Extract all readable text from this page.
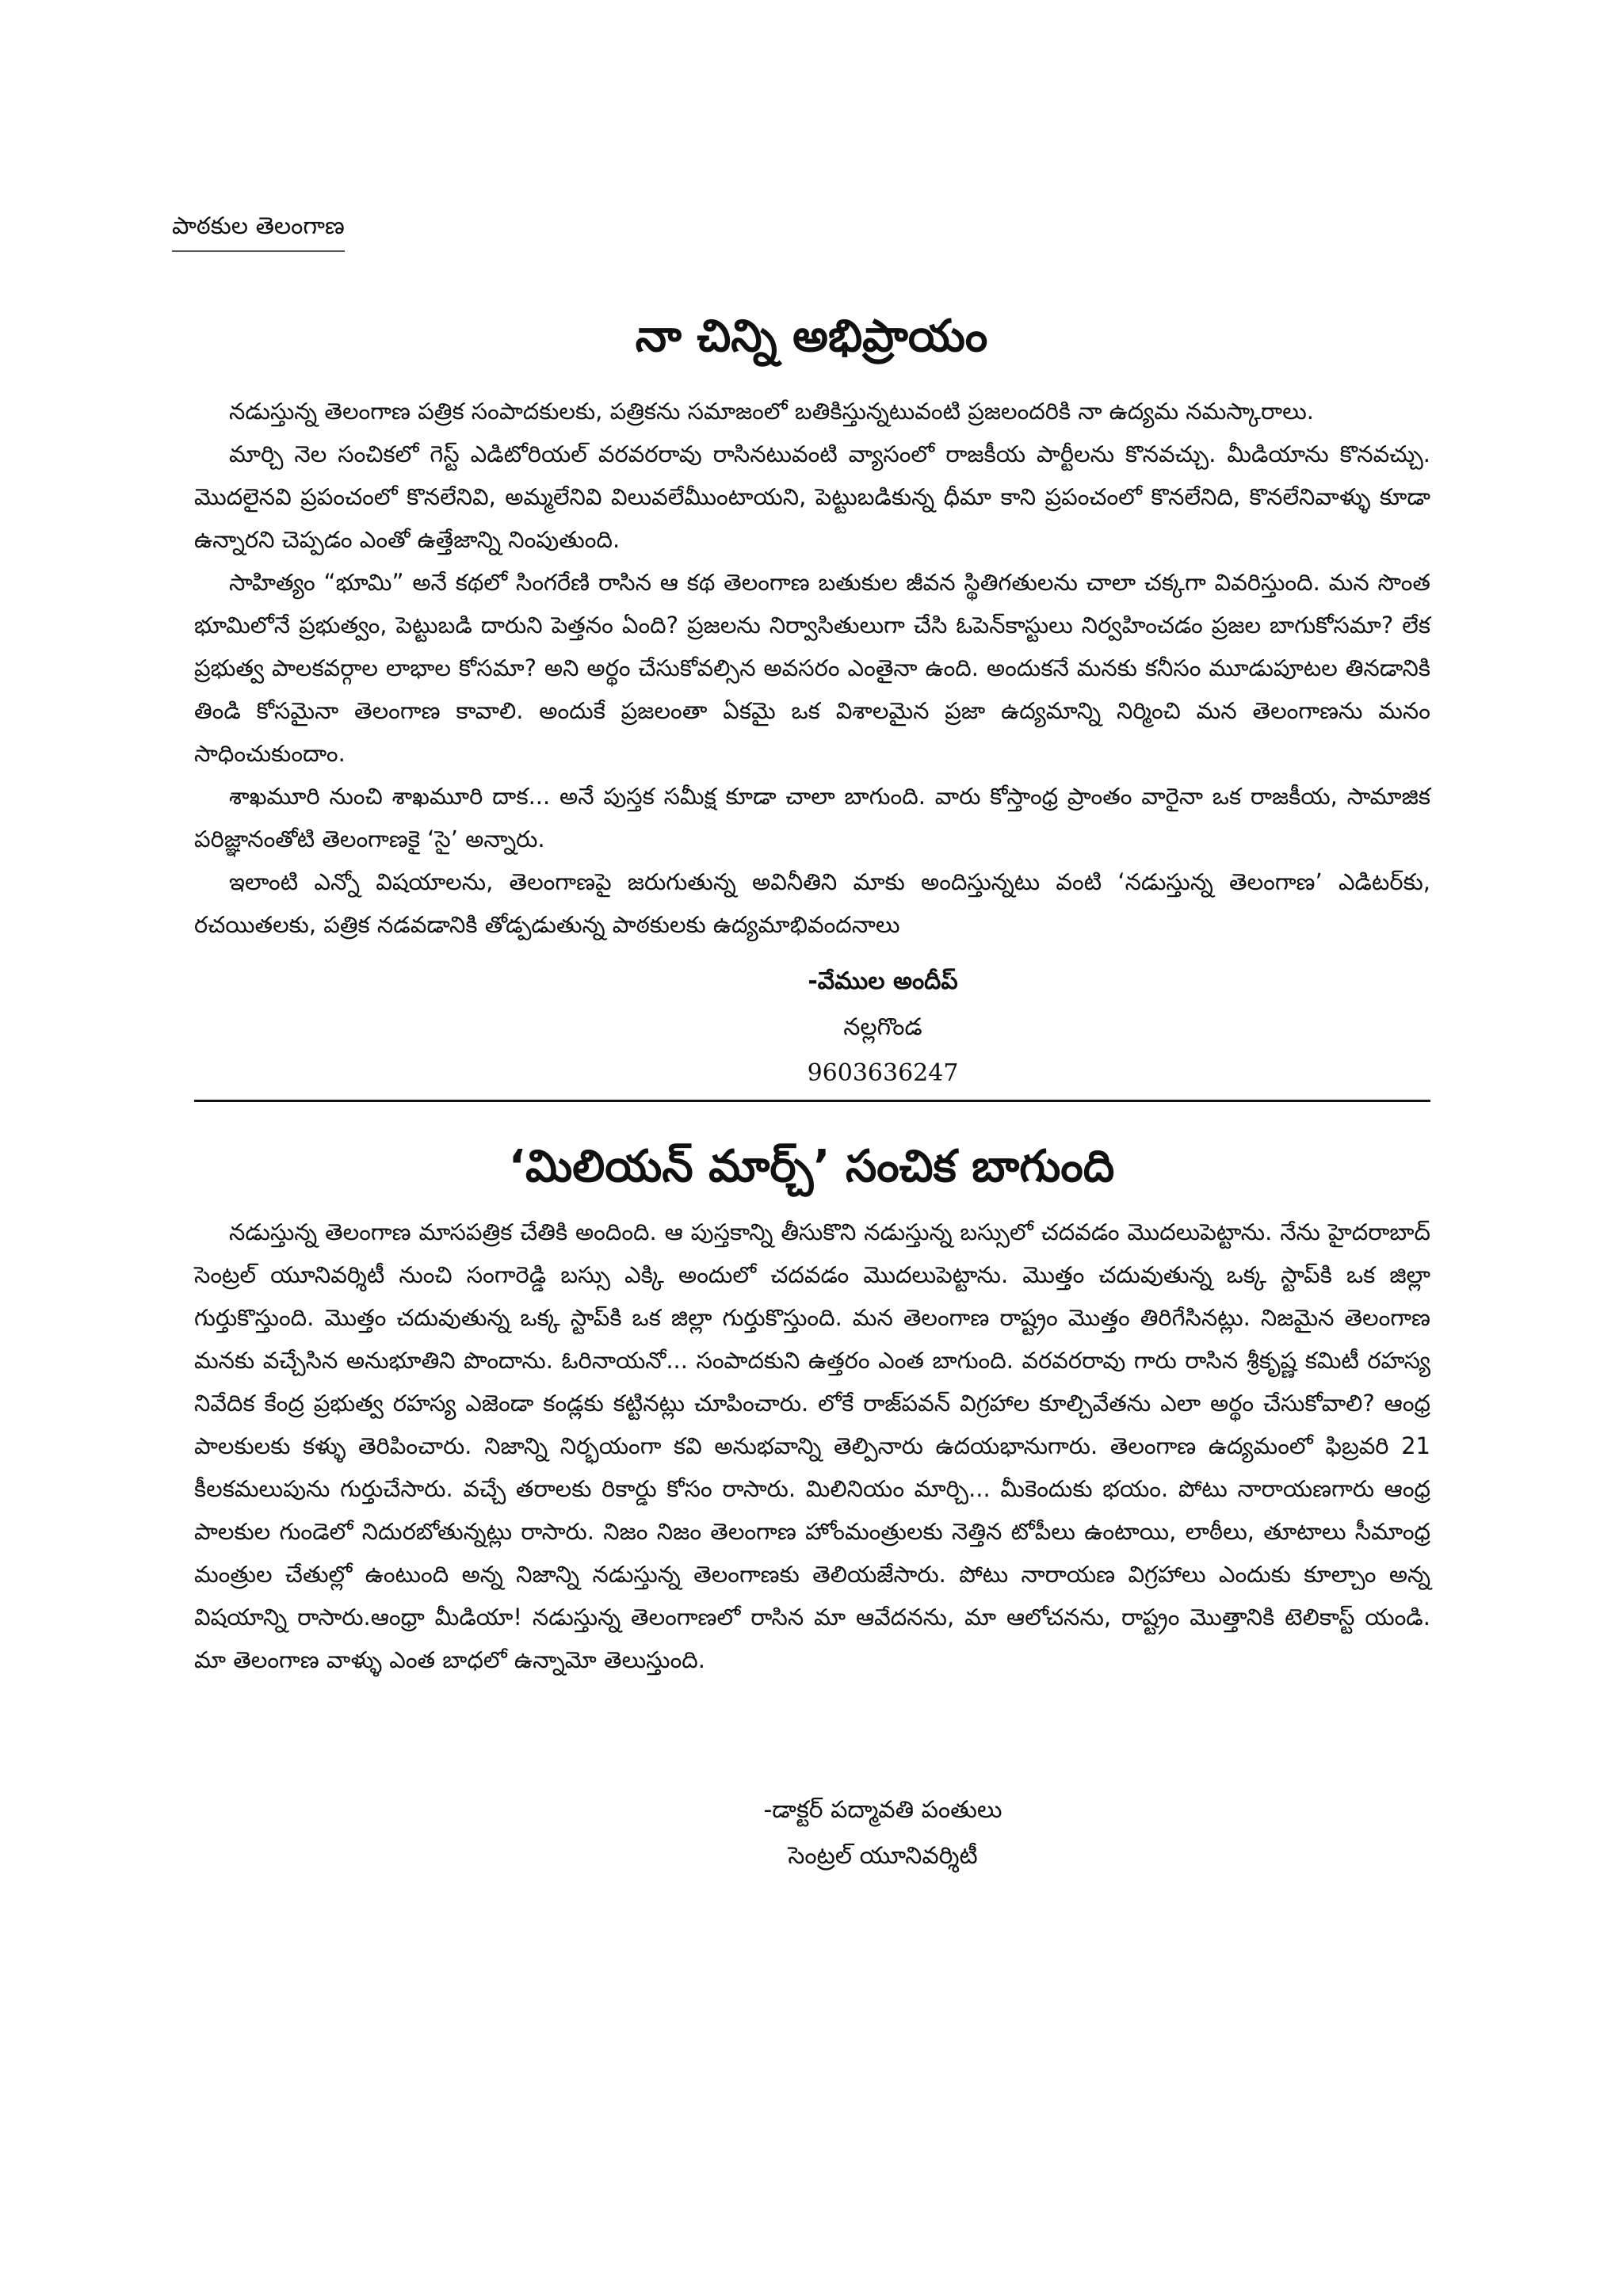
పాఠకుల తెలంగాణ
నా చిన్ని అభిప్రాయం

నడుస్తున్న తెలంగాణ పత్రిక సంపాదకులకు, పత్రికను సమాజంలో బతికిస్తున్నటువంటి ప్రజలందరికి నా ఉద్యమ నమస్కారాలు.

మార్చి నెల సంచికలో గెస్ట్ ఎడిటోరియల్ వరవరరావు రాసినటువంటి వ్యాసంలో రాజకీయ పార్టీలను కొనవచ్చు. మీడియాను కొనవచ్చు. మొదలైనవి ప్రపంచంలో కొనలేనివి, అమ్మలేనివి విలువలేమీుంటాయని, పెట్టుబడికున్న ధీమా కాని ప్రపంచంలో కొనలేనిది, కొనలేనివాళ్ళు కూడా ఉన్నారని చెప్పడం ఎంతో ఉత్తేజాన్ని నింపుతుంది.

సాహిత్యం “భూమి” అనే కథలో సింగరేణి రాసిన ఆ కథ తెలంగాణ బతుకుల జీవన స్థితిగతులను చాలా చక్కగా వివరిస్తుంది. మన సొంత భూమిలోనే ప్రభుత్వం, పెట్టుబడి దారుని పెత్తనం ఏంది? ప్రజలను నిర్వాసితులుగా చేసి ఓపెన్‌కాస్టులు నిర్వహించడం ప్రజల బాగుకోసమా? లేక ప్రభుత్వ పాలకవర్గాల లాభాల కోసమా? అని అర్థం చేసుకోవల్సిన అవసరం ఎంతైనా ఉంది. అందుకనే మనకు కనీసం మూడుపూటల తినడానికి తిండి కోసమైనా తెలంగాణ కావాలి. అందుకే ప్రజలంతా ఏకమై ఒక విశాలమైన ప్రజా ఉద్యమాన్ని నిర్మించి మన తెలంగాణను మనం సాధించుకుందాం.

శాఖమూరి నుంచి శాఖమూరి దాక... అనే పుస్తక సమీక్ష కూడా చాలా బాగుంది. వారు కోస్తాంధ్ర ప్రాంతం వారైనా ఒక రాజకీయ, సామాజిక పరిజ్ఞానంతోటి తెలంగాణకై ‘సై’ అన్నారు.

ఇలాంటి ఎన్నో విషయాలను, తెలంగాణపై జరుగుతున్న అవినీతిని మాకు అందిస్తున్నటు వంటి ‘నడుస్తున్న తెలంగాణ’ ఎడిటర్‌కు, రచయితలకు, పత్రిక నడవడానికి తోడ్పడుతున్న పాఠకులకు ఉద్యమాభివందనాలు

-వేముల అందీప్
నల్లగొండ
9603636247
‘మిలియన్ మార్చ్’ సంచిక బాగుంది

నడుస్తున్న తెలంగాణ మాసపత్రిక చేతికి అందింది. ఆ పుస్తకాన్ని తీసుకొని నడుస్తున్న బస్సులో చదవడం మొదలుపెట్టాను. నేను హైదరాబాద్ సెంట్రల్ యూనివర్శిటీ నుంచి సంగారెడ్డి బస్సు ఎక్కి అందులో చదవడం మొదలుపెట్టాను. మొత్తం చదువుతున్న ఒక్క స్టాప్‌కి ఒక జిల్లా గుర్తుకొస్తుంది. మొత్తం చదువుతున్న ఒక్క స్టాప్‌కి ఒక జిల్లా గుర్తుకొస్తుంది. మన తెలంగాణ రాష్ట్రం మొత్తం తిరిగేసినట్లు. నిజమైన తెలంగాణ మనకు వచ్చేసిన అనుభూతిని పొందాను. ఓరినాయనో... సంపాదకుని ఉత్తరం ఎంత బాగుంది. వరవరరావు గారు రాసిన శ్రీకృష్ణ కమిటీ రహస్య నివేదిక కేంద్ర ప్రభుత్వ రహస్య ఎజెండా కండ్లకు కట్టినట్లు చూపించారు. లోకే రాజ్‌పవన్ విగ్రహాల కూల్చివేతను ఎలా అర్థం చేసుకోవాలి? ఆంధ్ర పాలకులకు కళ్ళు తెరిపించారు. నిజాన్ని నిర్భయంగా కవి అనుభవాన్ని తెల్పినారు ఉదయభానుగారు. తెలంగాణ ఉద్యమంలో ఫిబ్రవరి 21 కీలకమలుపును గుర్తుచేసారు. వచ్చే తరాలకు రికార్డు కోసం రాసారు. మిలినియం మార్చి... మీకెందుకు భయం. పోటు నారాయణగారు ఆంధ్ర పాలకుల గుండెలో నిదురబోతున్నట్లు రాసారు. నిజం నిజం తెలంగాణ హోంమంత్రులకు నెత్తిన టోపీలు ఉంటాయి, లాఠీలు, తూటాలు సీమాంధ్ర మంత్రుల చేతుల్లో ఉంటుంది అన్న నిజాన్ని నడుస్తున్న తెలంగాణకు తెలియజేసారు. పోటు నారాయణ విగ్రహాలు ఎందుకు కూల్చాం అన్న విషయాన్ని రాసారు.ఆంధ్రా మీడియా! నడుస్తున్న తెలంగాణలో రాసిన మా ఆవేదనను, మా ఆలోచనను, రాష్ట్రం మొత్తానికి టెలికాస్ట్ యండి. మా తెలంగాణ వాళ్ళు ఎంత బాధలో ఉన్నామో తెలుస్తుంది.

-డాక్టర్ పద్మావతి పంతులు
సెంట్రల్ యూనివర్శిటీ
